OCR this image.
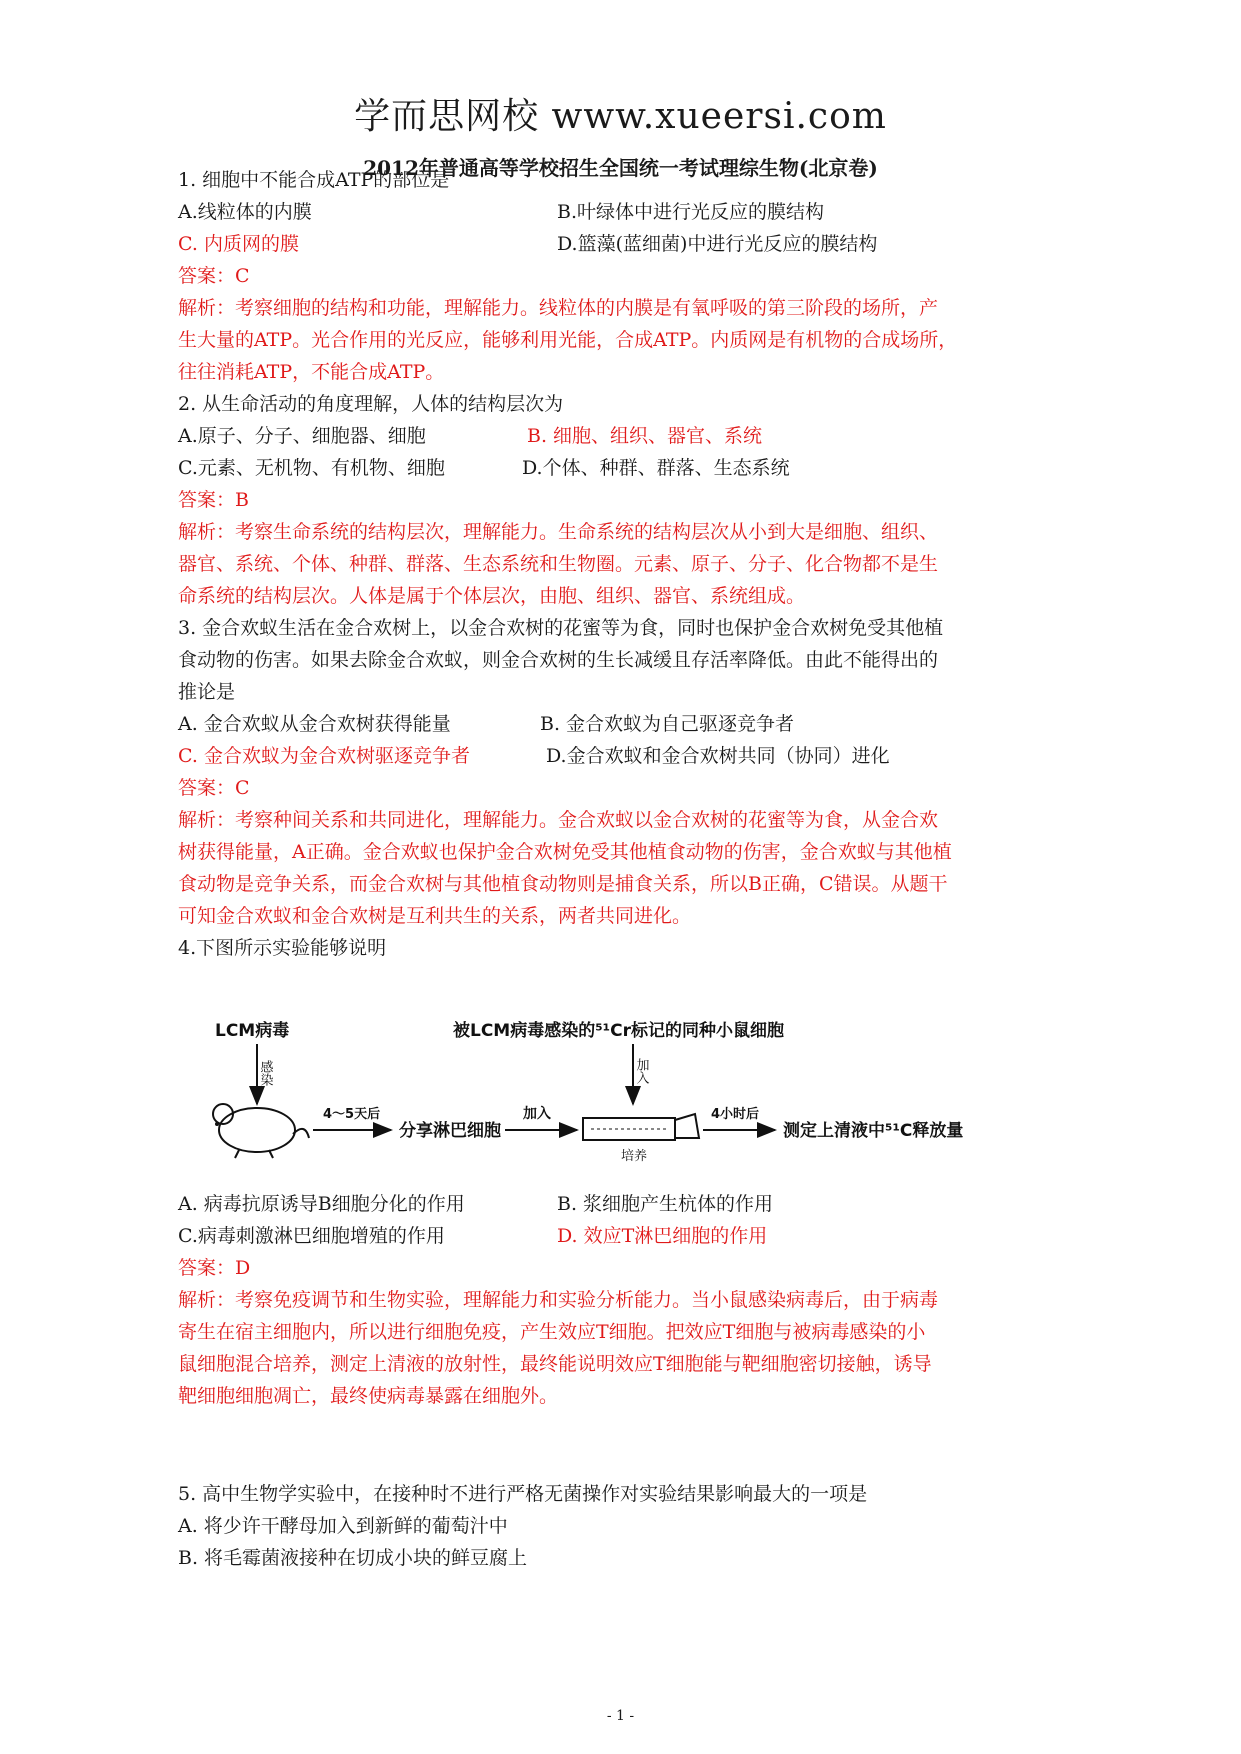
学而思网校 www.xueersi.com
2012年普通高等学校招生全国统一考试理综生物(北京卷)
1. 细胞中不能合成ATP的部位是
A.线粒体的内膜	B.叶绿体中进行光反应的膜结构
C. 内质网的膜	D.篮藻(蓝细菌)中进行光反应的膜结构
答案：C
解析：考察细胞的结构和功能，理解能力。线粒体的内膜是有氧呼吸的第三阶段的场所，产
生大量的ATP。光合作用的光反应，能够利用光能，合成ATP。内质网是有机物的合成场所，
往往消耗ATP，不能合成ATP。
2. 从生命活动的角度理解，人体的结构层次为
A.原子、分子、细胞器、细胞	B. 细胞、组织、器官、系统
C.元素、无机物、有机物、细胞	D.个体、种群、群落、生态系统
答案：B
解析：考察生命系统的结构层次，理解能力。生命系统的结构层次从小到大是细胞、组织、
器官、系统、个体、种群、群落、生态系统和生物圈。元素、原子、分子、化合物都不是生
命系统的结构层次。人体是属于个体层次，由胞、组织、器官、系统组成。
3. 金合欢蚁生活在金合欢树上，以金合欢树的花蜜等为食，同时也保护金合欢树免受其他植
食动物的伤害。如果去除金合欢蚁，则金合欢树的生长减缓且存活率降低。由此不能得出的
推论是
A. 金合欢蚁从金合欢树获得能量	B. 金合欢蚁为自己驱逐竞争者
C. 金合欢蚁为金合欢树驱逐竞争者	D.金合欢蚁和金合欢树共同（协同）进化
答案：C
解析：考察种间关系和共同进化，理解能力。金合欢蚁以金合欢树的花蜜等为食，从金合欢
树获得能量，A正确。金合欢蚁也保护金合欢树免受其他植食动物的伤害，金合欢蚁与其他植
食动物是竞争关系，而金合欢树与其他植食动物则是捕食关系，所以B正确，C错误。从题干
可知金合欢蚁和金合欢树是互利共生的关系，两者共同进化。
4.下图所示实验能够说明
LCM病毒
感染
4～5天后
分享淋巴细胞
加入
被LCM病毒感染的⁵¹Cr标记的同种小鼠细胞
加入
培养
4小时后
测定上清液中⁵¹C释放量
A. 病毒抗原诱导B细胞分化的作用	B. 浆细胞产生杭体的作用
C.病毒刺激淋巴细胞增殖的作用	D. 效应T淋巴细胞的作用
答案：D
解析：考察免疫调节和生物实验，理解能力和实验分析能力。当小鼠感染病毒后，由于病毒
寄生在宿主细胞内，所以进行细胞免疫，产生效应T细胞。把效应T细胞与被病毒感染的小
鼠细胞混合培养，测定上清液的放射性，最终能说明效应T细胞能与靶细胞密切接触，诱导
靶细胞细胞凋亡，最终使病毒暴露在细胞外。
5. 高中生物学实验中，在接种时不进行严格无菌操作对实验结果影响最大的一项是
A. 将少许干酵母加入到新鲜的葡萄汁中
B. 将毛霉菌液接种在切成小块的鲜豆腐上
- 1 -
